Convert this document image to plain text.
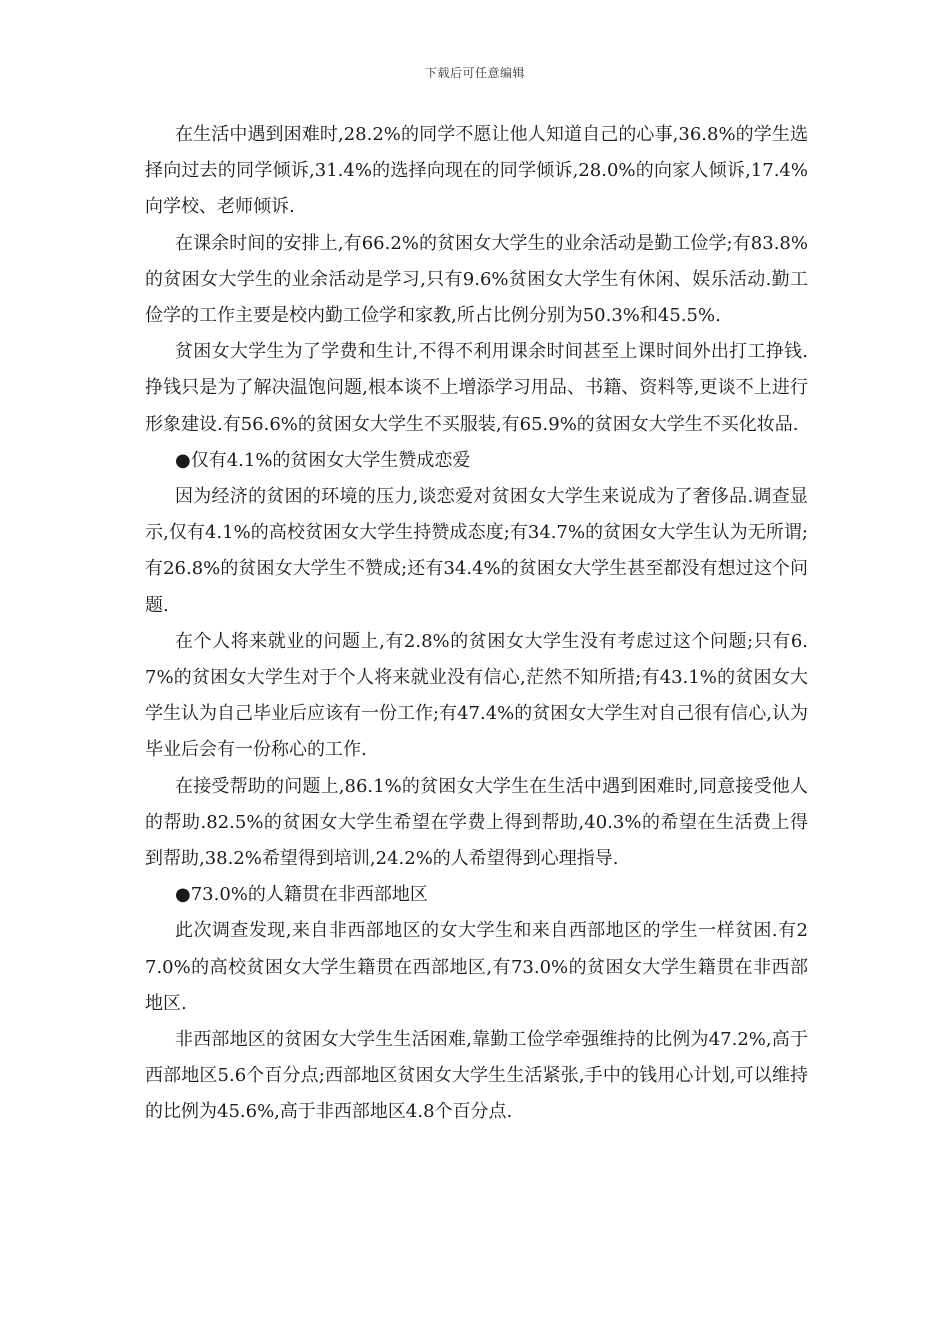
下载后可任意编辑

在生活中遇到困难时,28.2%的同学不愿让他人知道自己的心事,36.8%的学生选择向过去的同学倾诉,31.4%的选择向现在的同学倾诉,28.0%的向家人倾诉,17.4%向学校、老师倾诉.

在课余时间的安排上,有66.2%的贫困女大学生的业余活动是勤工俭学;有83.8%的贫困女大学生的业余活动是学习,只有9.6%贫困女大学生有休闲、娱乐活动.勤工俭学的工作主要是校内勤工俭学和家教,所占比例分别为50.3%和45.5%.

贫困女大学生为了学费和生计,不得不利用课余时间甚至上课时间外出打工挣钱.挣钱只是为了解决温饱问题,根本谈不上增添学习用品、书籍、资料等,更谈不上进行形象建设.有56.6%的贫困女大学生不买服装,有65.9%的贫困女大学生不买化妆品.

●仅有4.1%的贫困女大学生赞成恋爱

因为经济的贫困的环境的压力,谈恋爱对贫困女大学生来说成为了奢侈品.调查显示,仅有4.1%的高校贫困女大学生持赞成态度;有34.7%的贫困女大学生认为无所谓;有26.8%的贫困女大学生不赞成;还有34.4%的贫困女大学生甚至都没有想过这个问题.

在个人将来就业的问题上,有2.8%的贫困女大学生没有考虑过这个问题;只有6.7%的贫困女大学生对于个人将来就业没有信心,茫然不知所措;有43.1%的贫困女大学生认为自己毕业后应该有一份工作;有47.4%的贫困女大学生对自己很有信心,认为毕业后会有一份称心的工作.

在接受帮助的问题上,86.1%的贫困女大学生在生活中遇到困难时,同意接受他人的帮助.82.5%的贫困女大学生希望在学费上得到帮助,40.3%的希望在生活费上得到帮助,38.2%希望得到培训,24.2%的人希望得到心理指导.

●73.0%的人籍贯在非西部地区

此次调查发现,来自非西部地区的女大学生和来自西部地区的学生一样贫困.有27.0%的高校贫困女大学生籍贯在西部地区,有73.0%的贫困女大学生籍贯在非西部地区.

非西部地区的贫困女大学生生活困难,靠勤工俭学牵强维持的比例为47.2%,高于西部地区5.6个百分点;西部地区贫困女大学生生活紧张,手中的钱用心计划,可以维持的比例为45.6%,高于非西部地区4.8个百分点.
